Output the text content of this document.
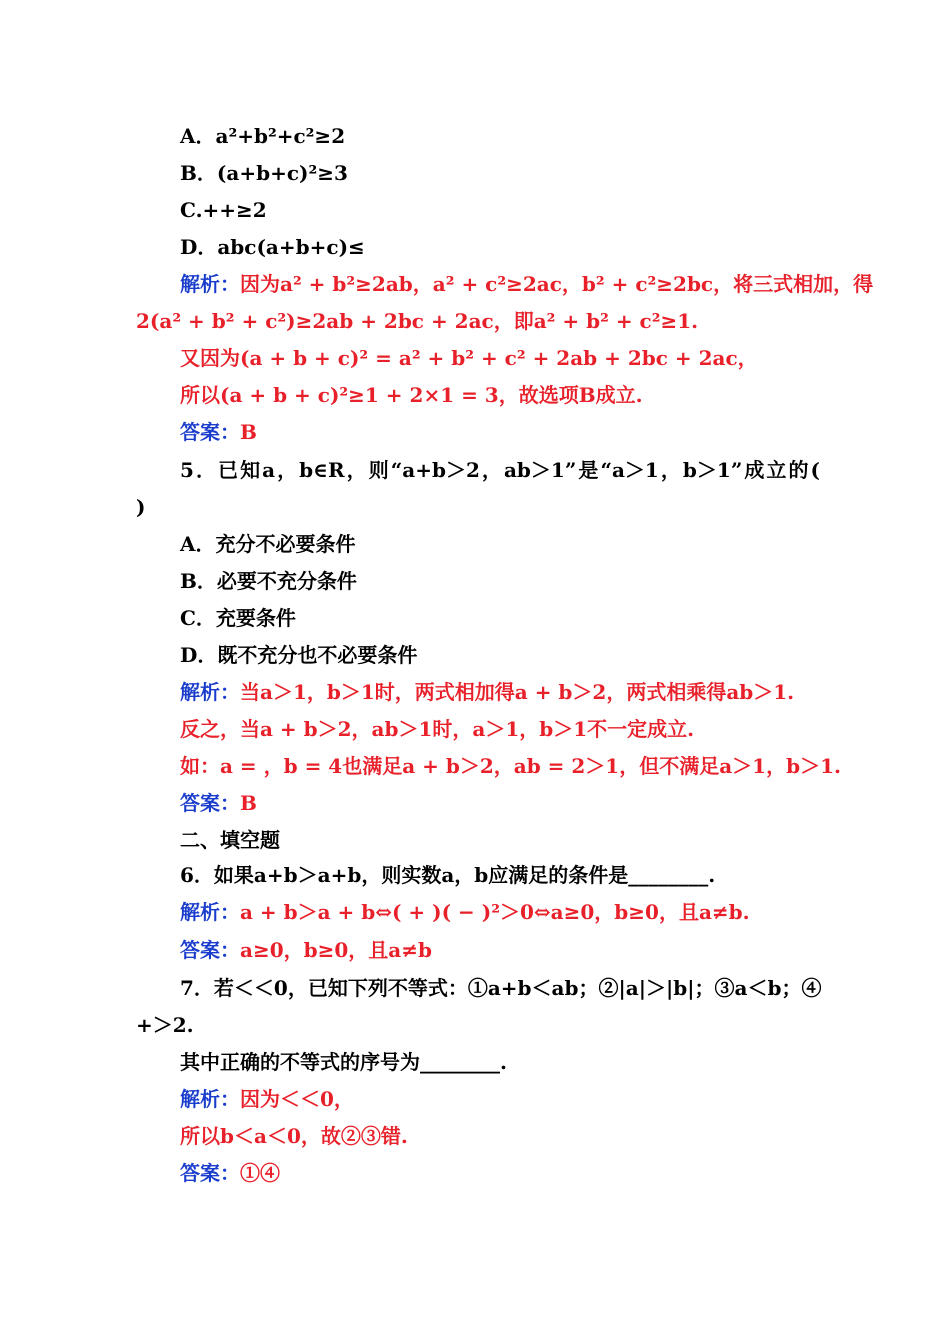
A．a²+b²+c²≥2
B．(a+b+c)²≥3
C.++≥2
D．abc(a+b+c)≤
解析：因为a² + b²≥2ab，a² + c²≥2ac，b² + c²≥2bc，将三式相加，得
2(a² + b² + c²)≥2ab + 2bc + 2ac，即a² + b² + c²≥1.
又因为(a + b + c)² = a² + b² + c² + 2ab + 2bc + 2ac，
所以(a + b + c)²≥1 + 2×1 = 3，故选项B成立.
答案：B
5．已知a，b∈R，则“a+b＞2，ab＞1”是“a＞1，b＞1”成立的(
)
A．充分不必要条件
B．必要不充分条件
C．充要条件
D．既不充分也不必要条件
解析：当a＞1，b＞1时，两式相加得a + b＞2，两式相乘得ab＞1.
反之，当a + b＞2，ab＞1时，a＞1，b＞1不一定成立.
如：a = ，b = 4也满足a + b＞2，ab = 2＞1，但不满足a＞1，b＞1.
答案：B
二、填空题
6．如果a+b＞a+b，则实数a，b应满足的条件是________.
解析：a + b＞a + b⇔( + )( − )²＞0⇔a≥0，b≥0，且a≠b.
答案：a≥0，b≥0，且a≠b
7．若＜＜0，已知下列不等式：①a+b＜ab；②|a|＞|b|；③a＜b；④
+＞2.
其中正确的不等式的序号为________.
解析：因为＜＜0，
所以b＜a＜0，故②③错.
答案：①④
